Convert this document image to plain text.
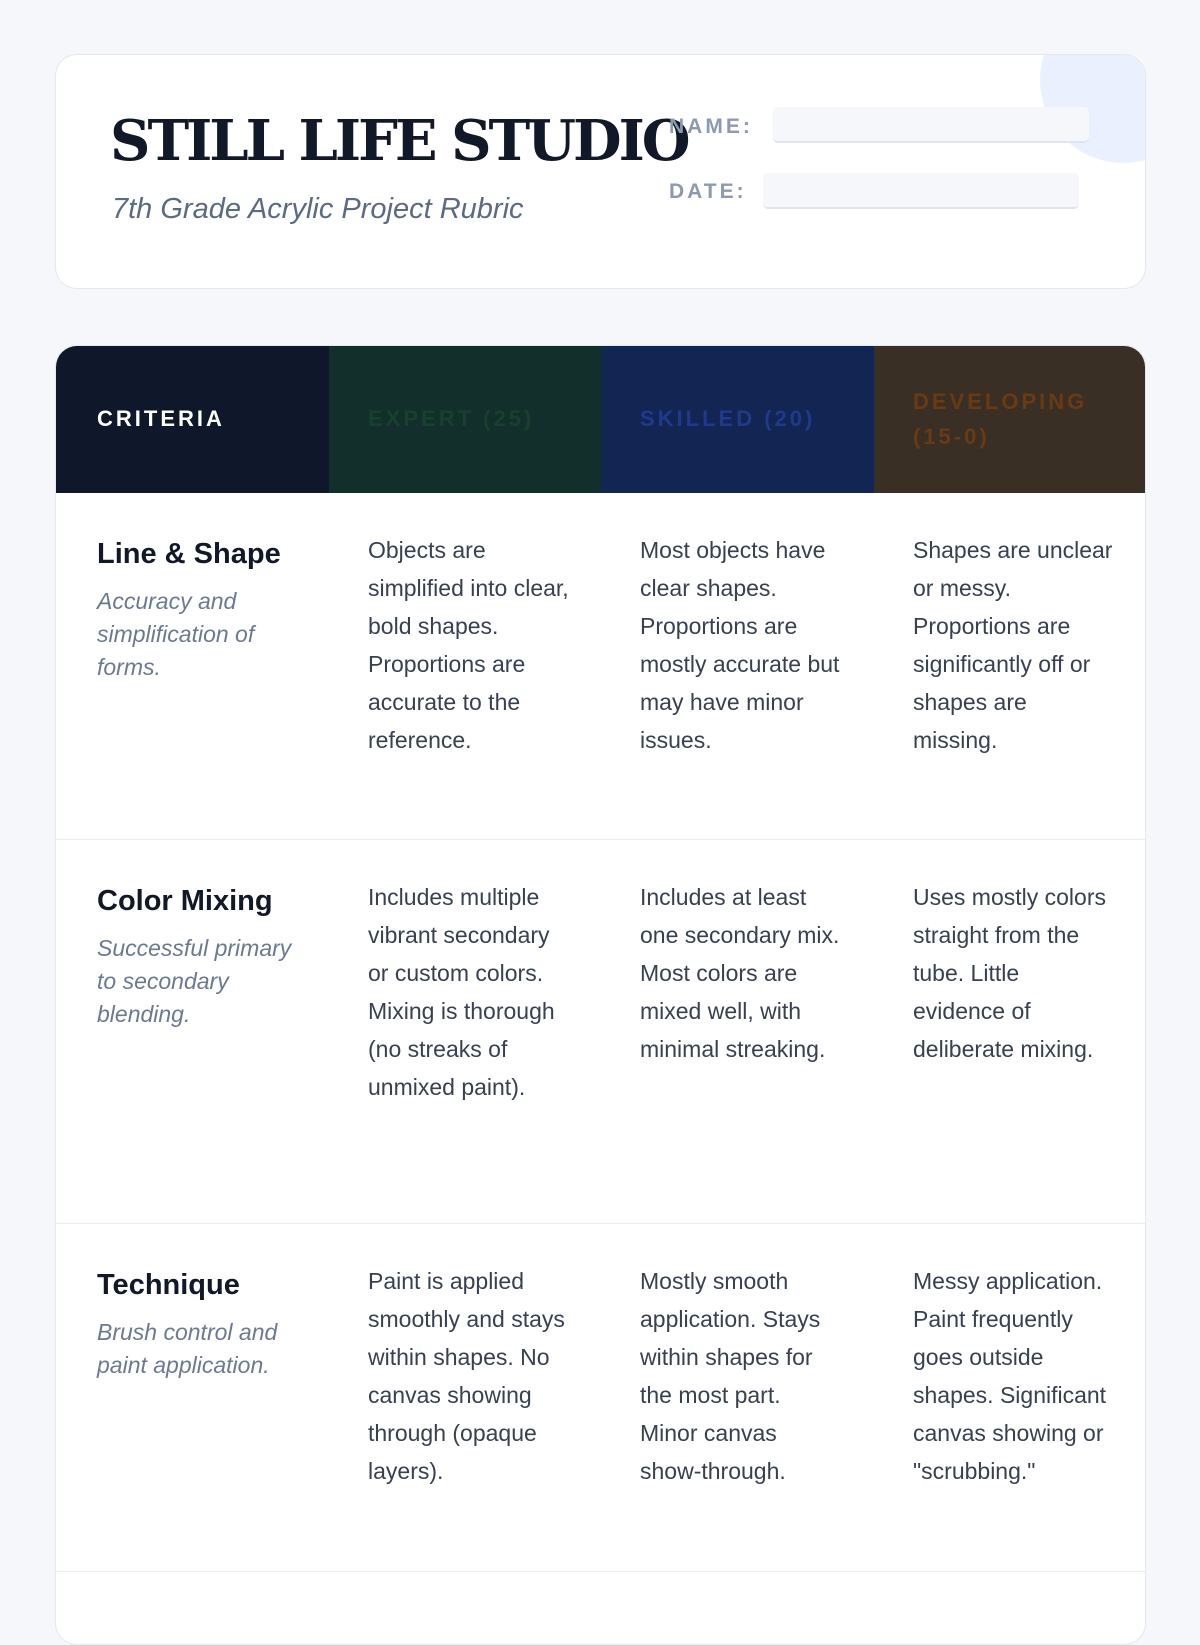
STILL LIFE STUDIO
7th Grade Acrylic Project Rubric
NAME:
DATE:
CRITERIA	EXPERT (25)	SKILLED (20)
DEVELOPING (15-0)
Line & Shape
Accuracy and simplification of forms.
Objects are simplified into clear, bold shapes. Proportions are accurate to the reference.
Most objects have clear shapes. Proportions are mostly accurate but may have minor issues.
Shapes are unclear or messy. Proportions are significantly off or shapes are missing.
Color Mixing
Successful primary to secondary blending.
Includes multiple vibrant secondary or custom colors. Mixing is thorough (no streaks of unmixed paint).
Includes at least one secondary mix. Most colors are mixed well, with minimal streaking.
Uses mostly colors straight from the tube. Little evidence of deliberate mixing.
Technique
Brush control and paint application.
Paint is applied smoothly and stays within shapes. No canvas showing through (opaque layers).
Mostly smooth application. Stays within shapes for the most part. Minor canvas show-through.
Messy application. Paint frequently goes outside shapes. Significant canvas showing or "scrubbing."
